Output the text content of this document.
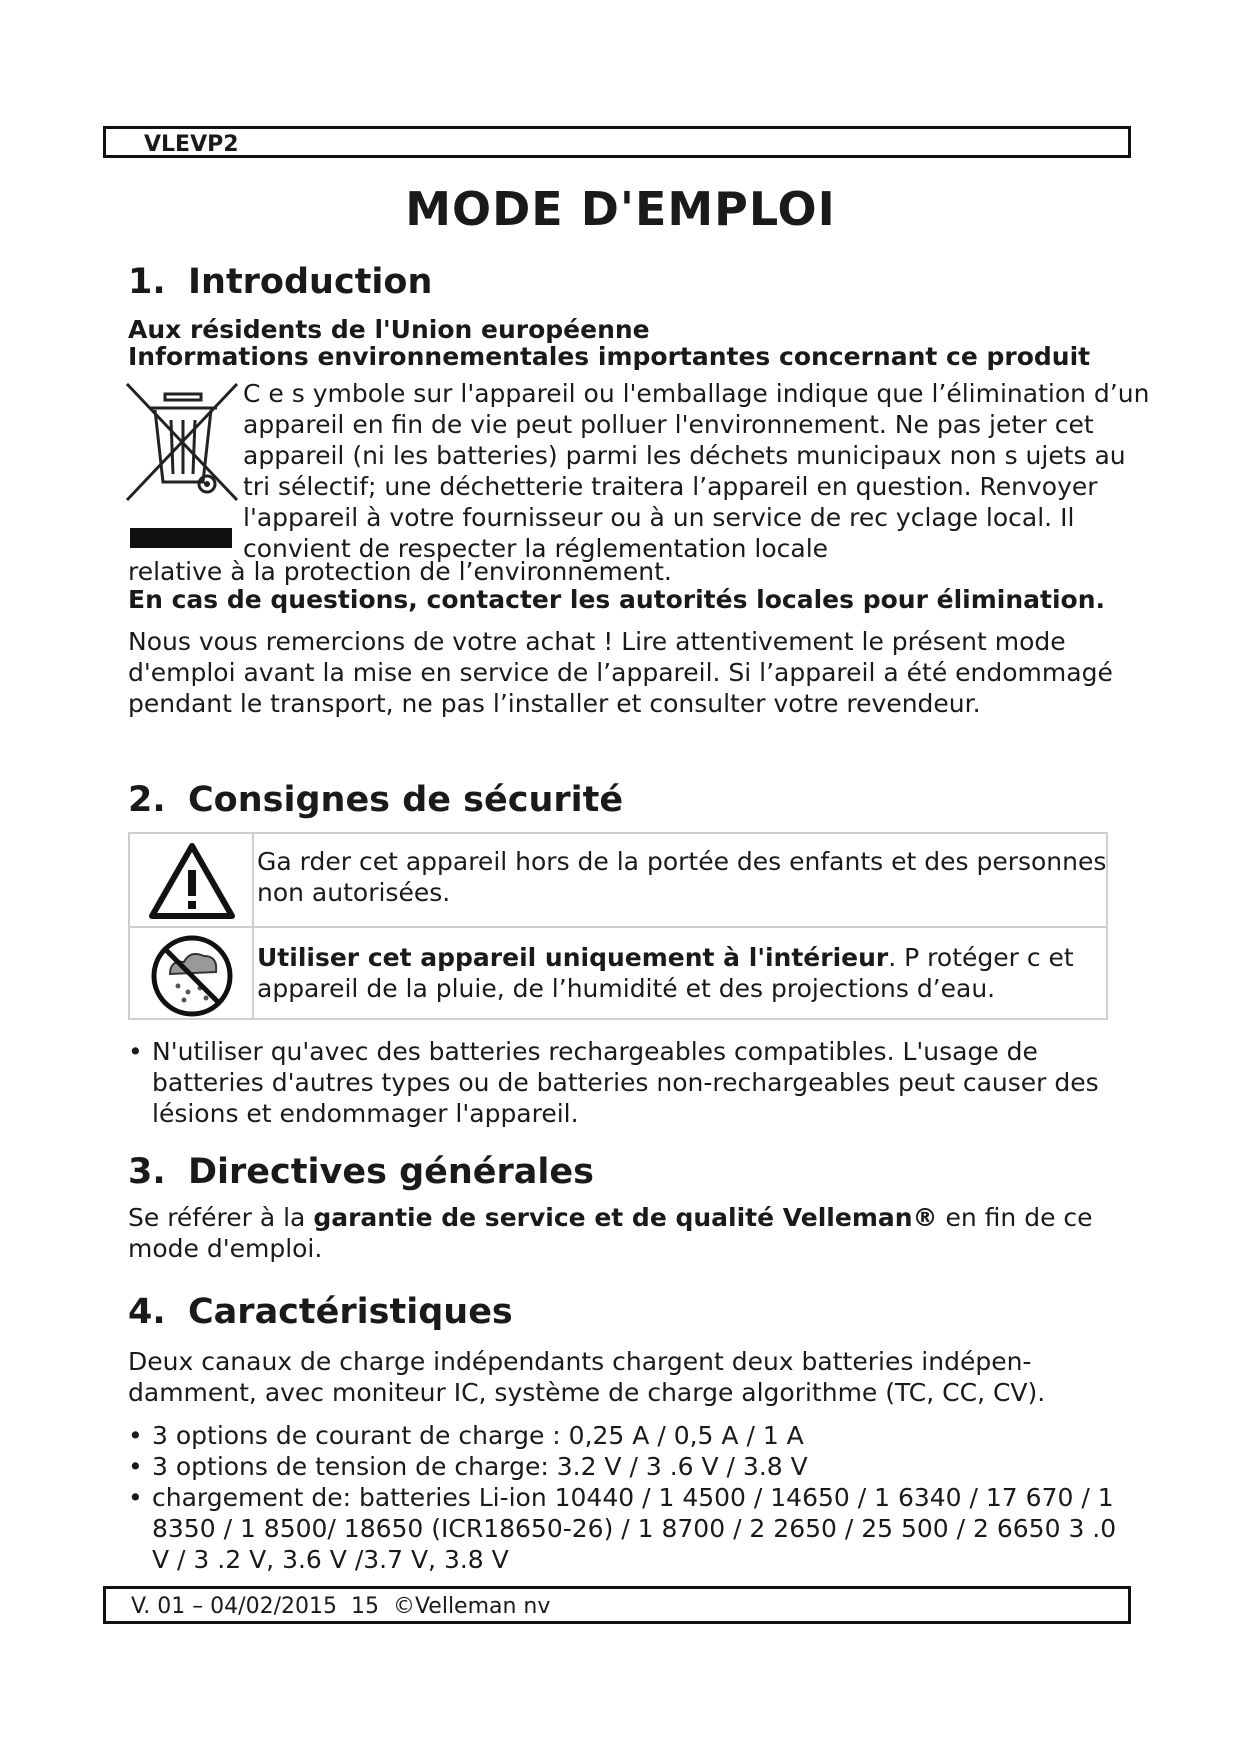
VLEVP2
MODE D'EMPLOI
1. Introduction
Aux résidents de l'Union européenne
Informations environnementales importantes concernant ce produit
C e s ymbole sur l'appareil ou l'emballage indique que l’élimination d’un appareil en fin de vie peut polluer l'environnement. Ne pas jeter cet appareil (ni les batteries) parmi les déchets municipaux non s ujets au tri sélectif; une déchetterie traitera l’appareil en question. Renvoyer l'appareil à votre fournisseur ou à un service de rec yclage local. Il convient de respecter la réglementation locale
relative à la protection de l’environnement.
En cas de questions, contacter les autorités locales pour élimination.
Nous vous remercions de votre achat ! Lire attentivement le présent mode d'emploi avant la mise en service de l’appareil. Si l’appareil a été endommagé pendant le transport, ne pas l’installer et consulter votre revendeur.
2. Consignes de sécurité
Ga rder cet appareil hors de la portée des enfants et des personnes non autorisées.
Utiliser cet appareil uniquement à l'intérieur. P rotéger c et appareil de la pluie, de l’humidité et des projections d’eau.
• N'utiliser qu'avec des batteries rechargeables compatibles. L'usage de batteries d'autres types ou de batteries non-rechargeables peut causer des lésions et endommager l'appareil.
3. Directives générales
Se référer à la garantie de service et de qualité Velleman® en fin de ce mode d'emploi.
4. Caractéristiques
Deux canaux de charge indépendants chargent deux batteries indépen-damment, avec moniteur IC, système de charge algorithme (TC, CC, CV).
• 3 options de courant de charge : 0,25 A / 0,5 A / 1 A
• 3 options de tension de charge: 3.2 V / 3 .6 V / 3.8 V
• chargement de: batteries Li-ion 10440 / 1 4500 / 14650 / 1 6340 / 17 670 / 1 8350 / 1 8500/ 18650 (ICR18650-26) / 1 8700 / 2 2650 / 25 500 / 2 6650 3 .0 V / 3 .2 V, 3.6 V /3.7 V, 3.8 V
V. 01 – 04/02/2015  15  ©Velleman nv
